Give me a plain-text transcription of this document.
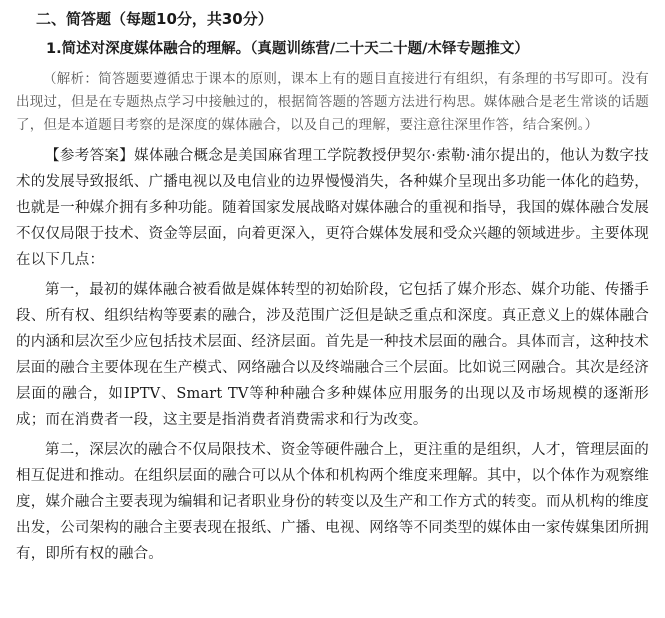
二、简答题（每题10分，共30分）
1.简述对深度媒体融合的理解。（真题训练营/二十天二十题/木铎专题推文）

（解析：简答题要遵循忠于课本的原则，课本上有的题目直接进行有组织，有条理的书写即可。没有出现过，但是在专题热点学习中接触过的，根据简答题的答题方法进行构思。媒体融合是老生常谈的话题了，但是本道题目考察的是深度的媒体融合，以及自己的理解，要注意往深里作答，结合案例。）

【参考答案】媒体融合概念是美国麻省理工学院教授伊契尔·索勒·浦尔提出的，他认为数字技术的发展导致报纸、广播电视以及电信业的边界慢慢消失，各种媒介呈现出多功能一体化的趋势，也就是一种媒介拥有多种功能。随着国家发展战略对媒体融合的重视和指导，我国的媒体融合发展不仅仅局限于技术、资金等层面，向着更深入，更符合媒体发展和受众兴趣的领域进步。主要体现在以下几点：

第一，最初的媒体融合被看做是媒体转型的初始阶段，它包括了媒介形态、媒介功能、传播手段、所有权、组织结构等要素的融合，涉及范围广泛但是缺乏重点和深度。真正意义上的媒体融合的内涵和层次至少应包括技术层面、经济层面。首先是一种技术层面的融合。具体而言，这种技术层面的融合主要体现在生产模式、网络融合以及终端融合三个层面。比如说三网融合。其次是经济层面的融合，如IPTV、Smart TV等种种融合多种媒体应用服务的出现以及市场规模的逐渐形成；而在消费者一段，这主要是指消费者消费需求和行为改变。

第二，深层次的融合不仅局限技术、资金等硬件融合上，更注重的是组织，人才，管理层面的相互促进和推动。在组织层面的融合可以从个体和机构两个维度来理解。其中，以个体作为观察维度，媒介融合主要表现为编辑和记者职业身份的转变以及生产和工作方式的转变。而从机构的维度出发，公司架构的融合主要表现在报纸、广播、电视、网络等不同类型的媒体由一家传媒集团所拥有，即所有权的融合。
